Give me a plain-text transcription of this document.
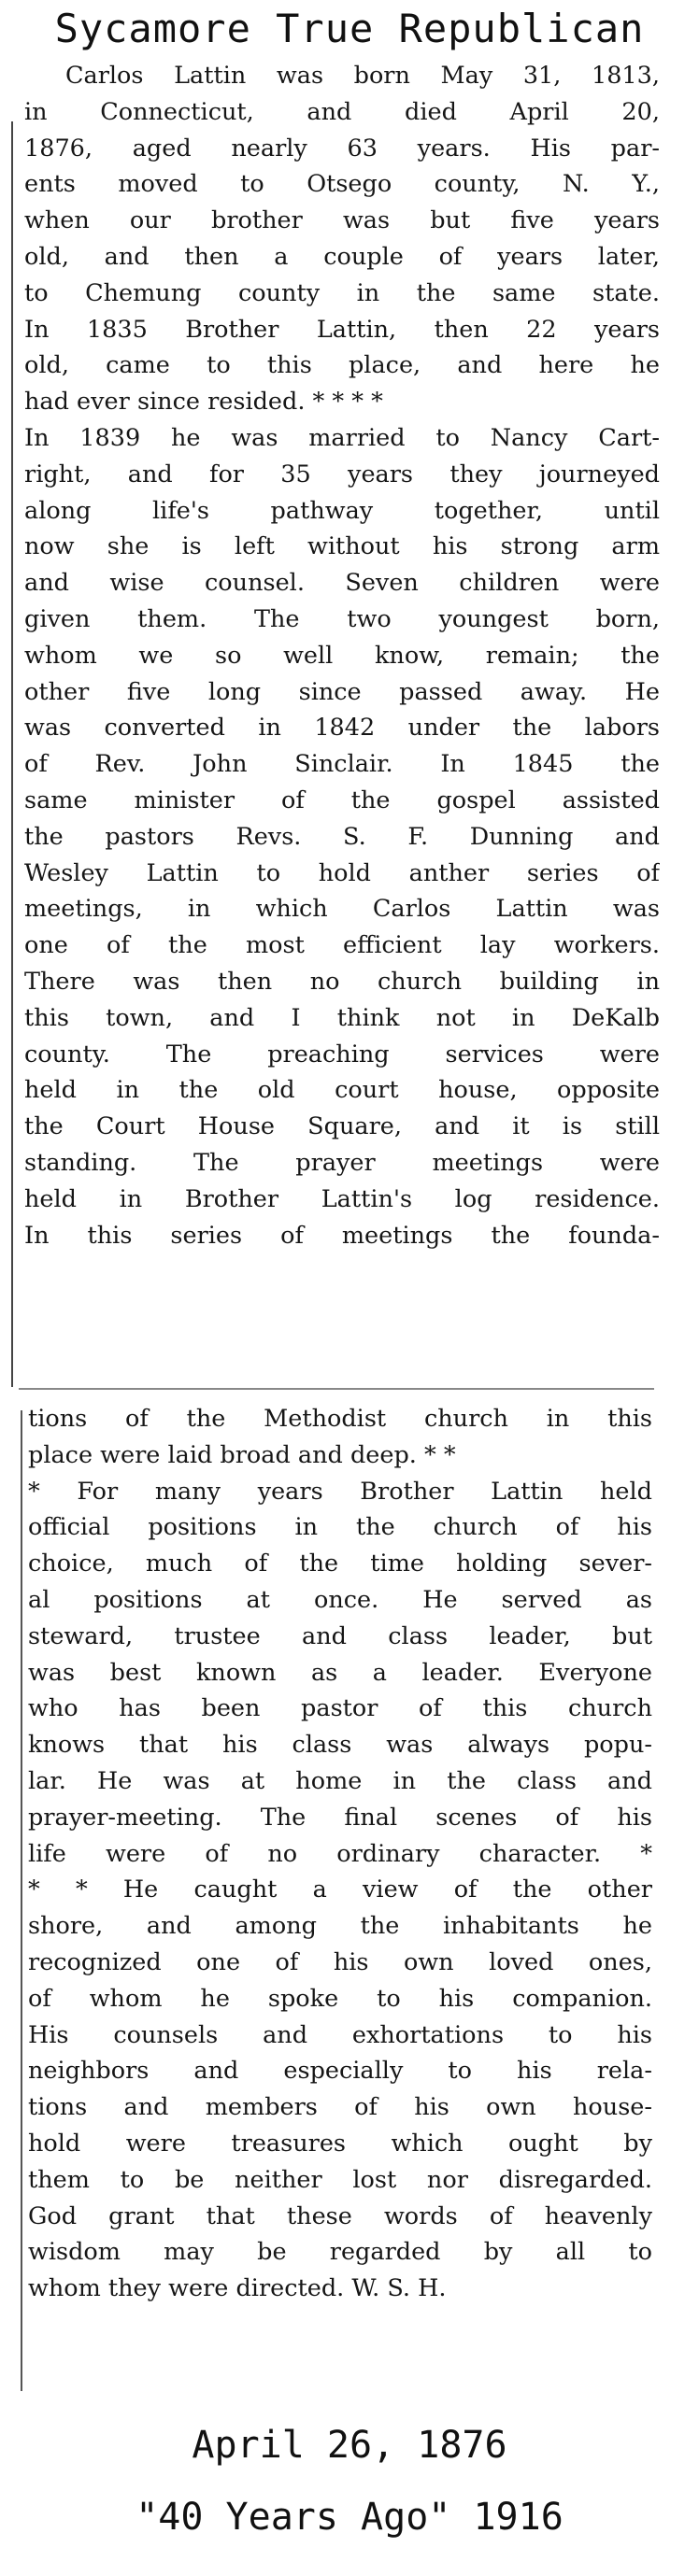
Sycamore True Republican
Carlos Lattin was born May 31, 1813,
in Connecticut, and died April 20,
1876, aged nearly 63 years. His par-
ents moved to Otsego county, N. Y.,
when our brother was but five years
old, and then a couple of years later,
to Chemung county in the same state.
In 1835 Brother Lattin, then 22 years
old, came to this place, and here he
had ever since resided. * * * *
In 1839 he was married to Nancy Cart-
right, and for 35 years they journeyed
along life's pathway together, until
now she is left without his strong arm
and wise counsel. Seven children were
given them. The two youngest born,
whom we so well know, remain; the
other five long since passed away. He
was converted in 1842 under the labors
of Rev. John Sinclair. In 1845 the
same minister of the gospel assisted
the pastors Revs. S. F. Dunning and
Wesley Lattin to hold anther series of
meetings, in which Carlos Lattin was
one of the most efficient lay workers.
There was then no church building in
this town, and I think not in DeKalb
county. The preaching services were
held in the old court house, opposite
the Court House Square, and it is still
standing. The prayer meetings were
held in Brother Lattin's log residence.
In this series of meetings the founda-
tions of the Methodist church in this
place were laid broad and deep. * *
* For many years Brother Lattin held
official positions in the church of his
choice, much of the time holding sever-
al positions at once. He served as
steward, trustee and class leader, but
was best known as a leader. Everyone
who has been pastor of this church
knows that his class was always popu-
lar. He was at home in the class and
prayer-meeting. The final scenes of his
life were of no ordinary character. *
* * He caught a view of the other
shore, and among the inhabitants he
recognized one of his own loved ones,
of whom he spoke to his companion.
His counsels and exhortations to his
neighbors and especially to his rela-
tions and members of his own house-
hold were treasures which ought by
them to be neither lost nor disregarded.
God grant that these words of heavenly
wisdom may be regarded by all to
whom they were directed. W. S. H.
April 26, 1876
"40 Years Ago" 1916
